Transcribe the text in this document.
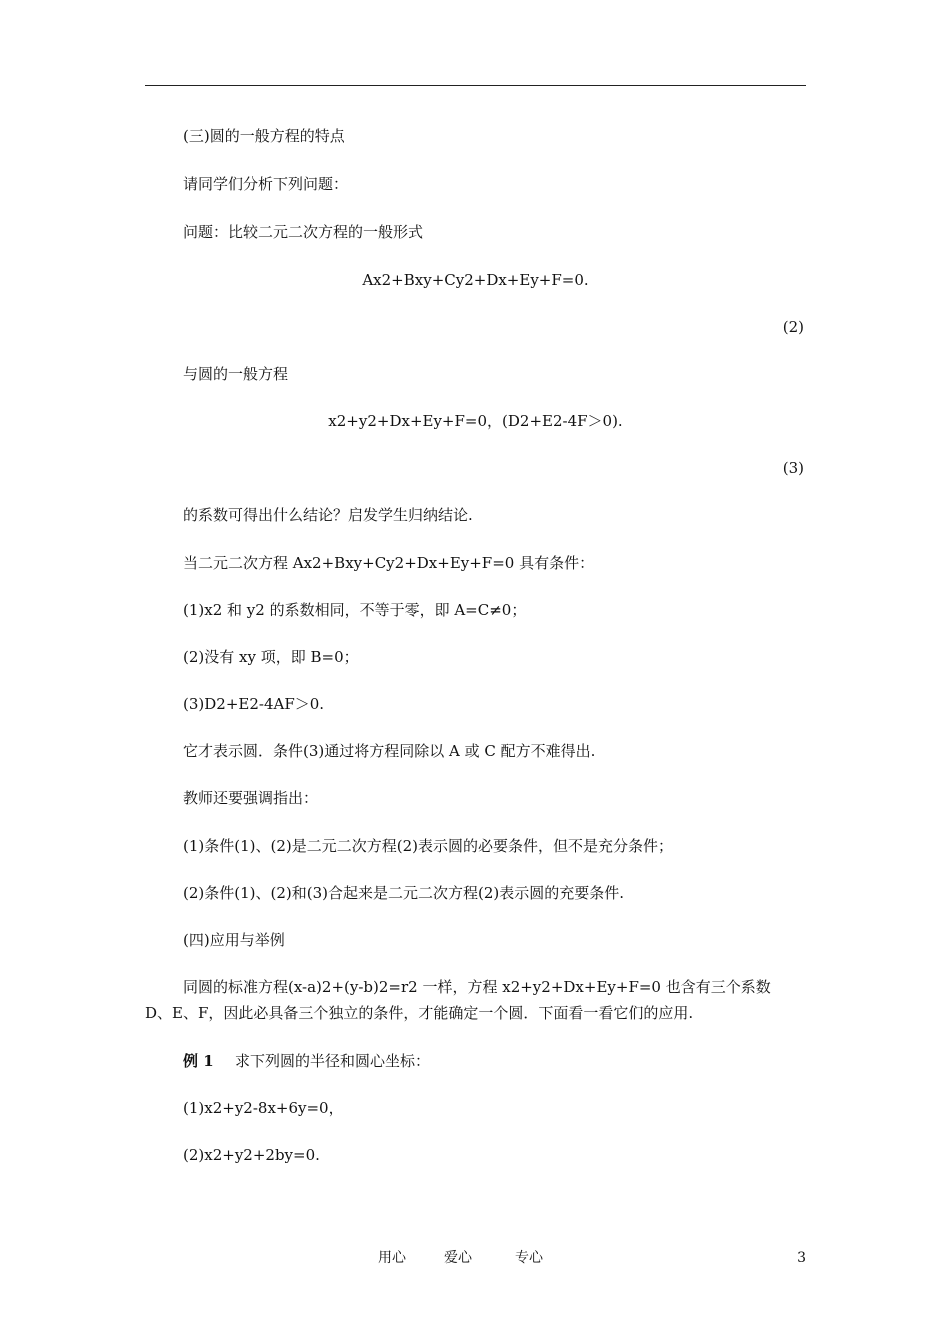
(三)圆的一般方程的特点
请同学们分析下列问题：
问题：比较二元二次方程的一般形式
Ax2+Bxy+Cy2+Dx+Ey+F=0.
(2)
与圆的一般方程
x2+y2+Dx+Ey+F=0，(D2+E2-4F＞0).
(3)
的系数可得出什么结论？启发学生归纳结论.
当二元二次方程 Ax2+Bxy+Cy2+Dx+Ey+F=0 具有条件：
(1)x2 和 y2 的系数相同，不等于零，即 A=C≠0；
(2)没有 xy 项，即 B=0；
(3)D2+E2-4AF＞0.
它才表示圆．条件(3)通过将方程同除以 A 或 C 配方不难得出.
教师还要强调指出：
(1)条件(1)、(2)是二元二次方程(2)表示圆的必要条件，但不是充分条件；
(2)条件(1)、(2)和(3)合起来是二元二次方程(2)表示圆的充要条件.
(四)应用与举例
同圆的标准方程(x-a)2+(y-b)2=r2 一样，方程 x2+y2+Dx+Ey+F=0 也含有三个系数
D、E、F，因此必具备三个独立的条件，才能确定一个圆．下面看一看它们的应用.
例 1 求下列圆的半径和圆心坐标：
(1)x2+y2-8x+6y=0，
(2)x2+y2+2by=0.
用心	爱心	专心	3
